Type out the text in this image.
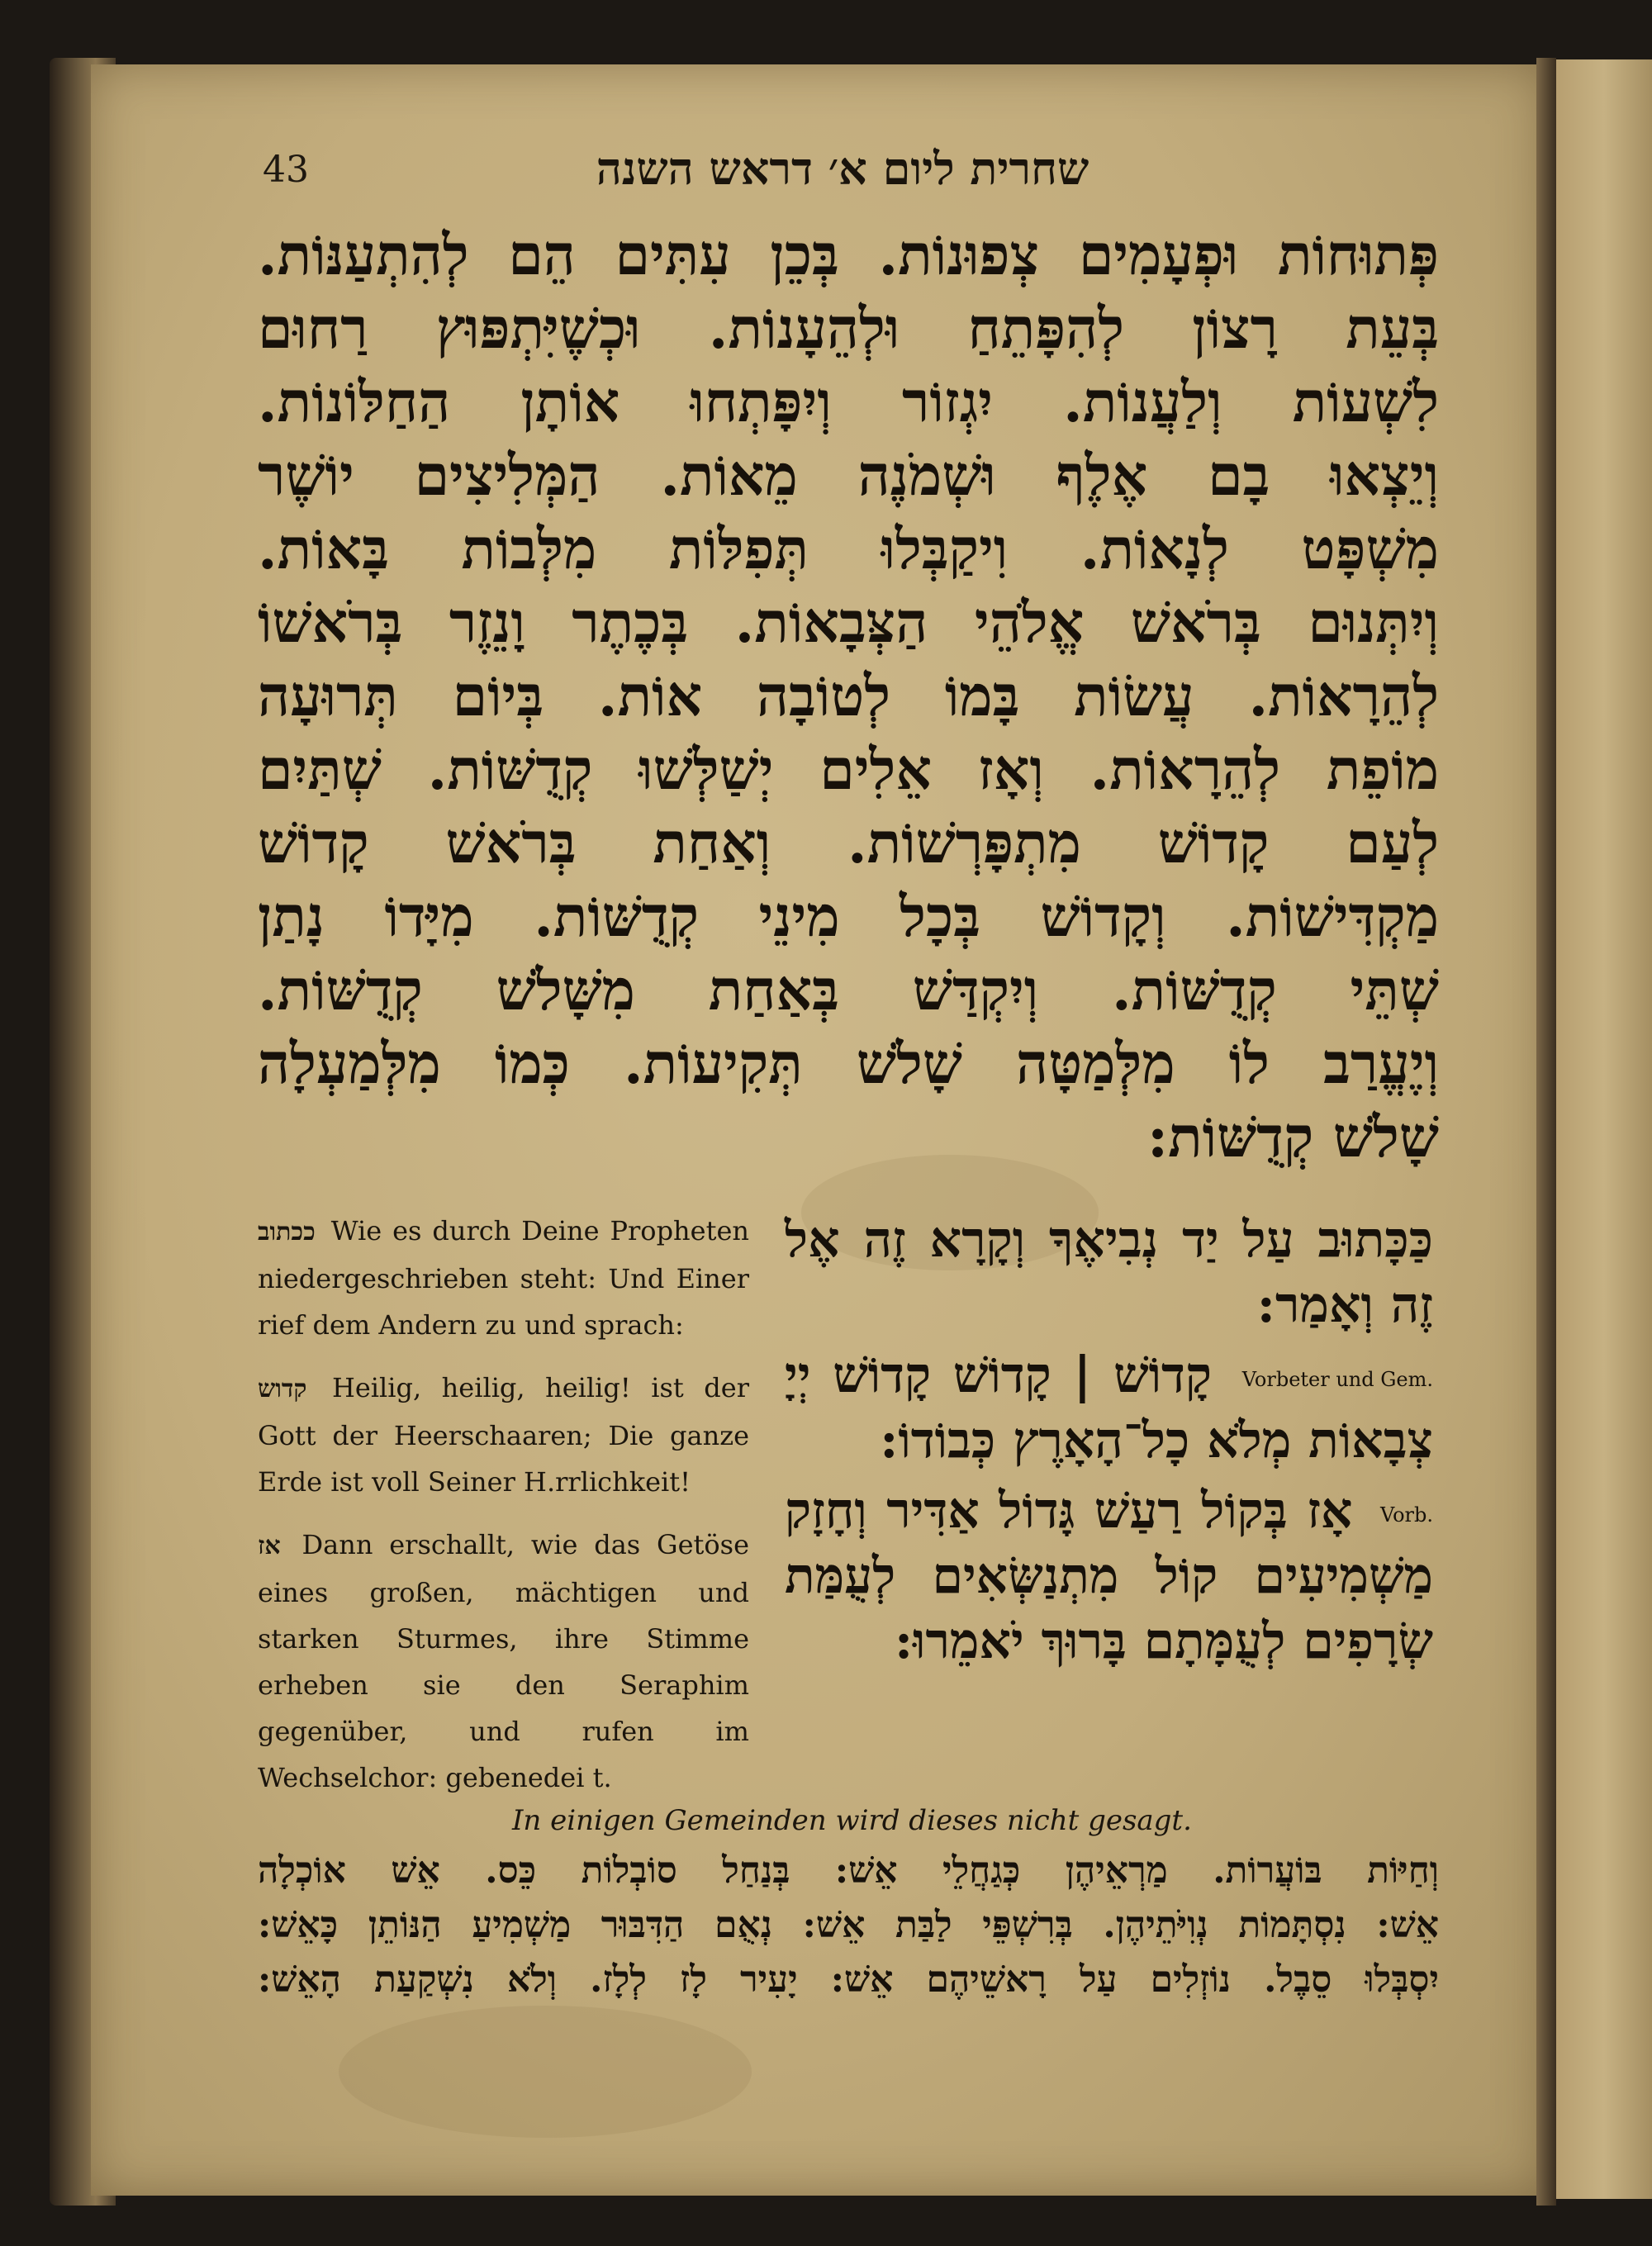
43	שחרית ליום א׳ דראש השנה
פְּתוּחוֹת וּפְעָמִים צְפוּנוֹת. בְּכֵן עִתִּים הֵם לְהִתְעַנּוֹת.
בְּעֵת רָצוֹן לְהִפָּתֵחַ וּלְהֵעָנוֹת. וּכְשֶׁיִּתְפּוּץ רַחוּם
לִשְׁעוֹת וְלַעֲנוֹת. יִגְזוֹר וְיִפָּתְחוּ אוֹתָן הַחַלּוֹנוֹת.
וְיֵצְאוּ בָם אֶלֶף וּשְׁמֹנֶה מֵאוֹת. הַמְּלִיצִים יוֹשֶׁר
מִשְׁפָּט לְנָאוֹת. וִיקַבְּלוּ תְּפִלּוֹת מִלְּבוֹת בָּאוֹת.
וְיִתְּנוּם בְּרֹאשׁ אֱלֹהֵי הַצְּבָאוֹת. בְּכֶתֶר וָנֵזֶר בְּרֹאשׁוֹ
לְהֵרָאוֹת. עֲשׂוֹת בָּמוֹ לְטוֹבָה אוֹת. בְּיוֹם תְּרוּעָה
מוֹפֵת לְהֵרָאוֹת. וְאָז אֵלִים יְשַׁלְּשׁוּ קְדֻשּׁוֹת. שְׁתַּיִם
לְעַם קָדוֹשׁ מִתְפָּרְשׁוֹת. וְאַחַת בְּרֹאשׁ קָדוֹשׁ
מַקְדִּישׁוֹת. וְקָדוֹשׁ בְּכָל מִינֵי קְדֻשּׁוֹת. מִיָּדוֹ נָתַן
שְׁתֵּי קְדֻשּׁוֹת. וְיִקְדַּשׁ בְּאַחַת מִשָּׁלֹשׁ קְדֻשּׁוֹת.
וְיֶעֱרַב לוֹ מִלְּמַטָּה שָׁלֹשׁ תְּקִיעוֹת. כְּמוֹ מִלְּמַעְלָה
שָׁלֹשׁ קְדֻשּׁוֹת:

ככתוב Wie es durch Deine Propheten niedergeschrieben steht: Und Einer rief dem Andern zu und sprach:

קדוש Heilig, heilig, heilig! ist der Gott der Heerschaaren; Die ganze Erde ist voll Seiner H.rrlichkeit!

אז Dann erschallt, wie das Getöse eines großen, mächtigen und starken Sturmes, ihre Stimme erheben sie den Seraphim gegenüber, und rufen im Wechselchor: gebenedei t.

כַּכָּתוּב עַל יַד נְבִיאֶךָ וְקָרָא זֶה אֶל זֶה וְאָמַר:

Vorbeter und Gem. קָדוֹשׁ | קָדוֹשׁ קָדוֹשׁ יְיָ צְבָאוֹת מְלֹא כָל־הָאָרֶץ כְּבוֹדוֹ:

Vorb. אָז בְּקוֹל רַעַשׁ גָּדוֹל אַדִּיר וְחָזָק מַשְׁמִיעִים קוֹל מִתְנַשְּׂאִים לְעֻמַּת שְׂרָפִים לְעֻמָּתָם בָּרוּךְ יֹאמֵרוּ:

In einigen Gemeinden wird dieses nicht gesagt.
וְחַיּוֹת בּוֹעֲרוֹת. מַרְאֵיהֶן כְּגַחֲלֵי אֵשׁ: בְּנַחַל סוֹבְלוֹת כֵּס. אֵשׁ אוֹכְלָה
אֵשׁ: נִסְתָּמוֹת נְוִיֹּתֵיהֶן. בְּרִשְׁפֵּי לַבַּת אֵשׁ: נְאֻם הַדִּבּוּר מַשְׁמִיעַ הַנּוֹתֵן כָּאֵשׁ:
יִסְבְּלוּ סֵבֶל. נוֹזְלִים עַל רָאשֵׁיהֶם אֵשׁ: יָעִיר לָז לְלָז. וְלֹא נִשְׁקַעַת הָאֵשׁ:
